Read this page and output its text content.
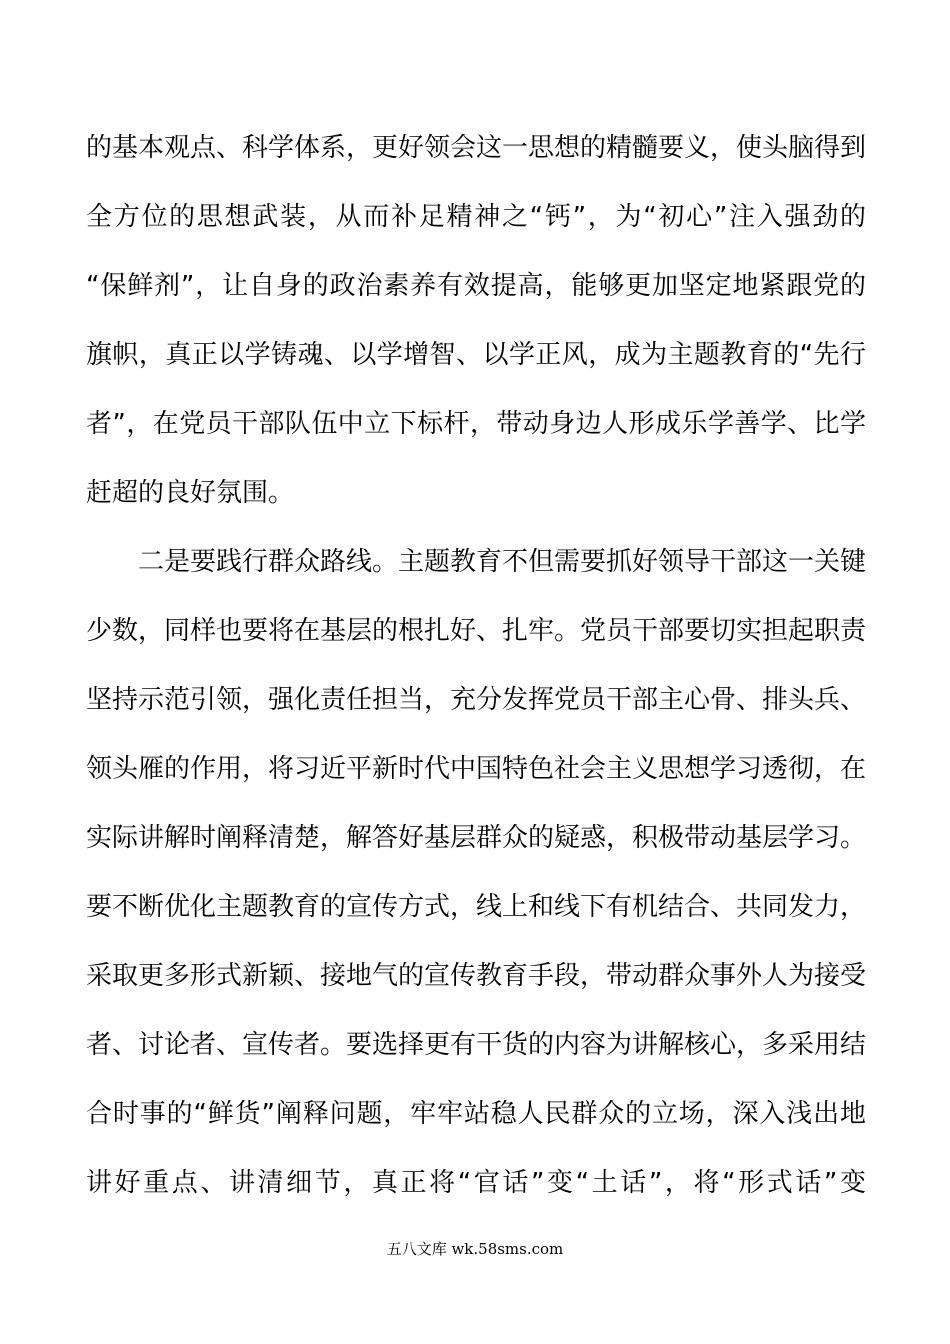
的基本观点、科学体系，更好领会这一思想的精髓要义，使头脑得到
全方位的思想武装，从而补足精神之“钙”，为“初心”注入强劲的
“保鲜剂”，让自身的政治素养有效提高，能够更加坚定地紧跟党的
旗帜，真正以学铸魂、以学增智、以学正风，成为主题教育的“先行
者”，在党员干部队伍中立下标杆，带动身边人形成乐学善学、比学
赶超的良好氛围。
二是要践行群众路线。主题教育不但需要抓好领导干部这一关键
少数，同样也要将在基层的根扎好、扎牢。党员干部要切实担起职责
坚持示范引领，强化责任担当，充分发挥党员干部主心骨、排头兵、
领头雁的作用，将习近平新时代中国特色社会主义思想学习透彻，在
实际讲解时阐释清楚，解答好基层群众的疑惑，积极带动基层学习。
要不断优化主题教育的宣传方式，线上和线下有机结合、共同发力，
采取更多形式新颖、接地气的宣传教育手段，带动群众事外人为接受
者、讨论者、宣传者。要选择更有干货的内容为讲解核心，多采用结
合时事的“鲜货”阐释问题，牢牢站稳人民群众的立场，深入浅出地
讲好重点、讲清细节，真正将“官话”变“土话”，将“形式话”变
五八文库 wk.58sms.com
